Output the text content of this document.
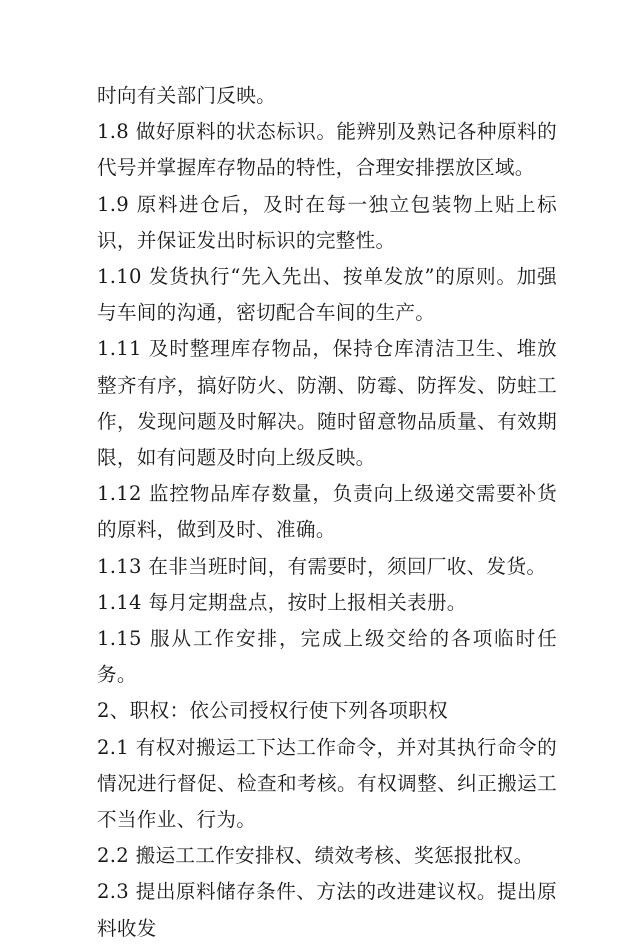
时向有关部门反映。

1.8 做好原料的状态标识。能辨别及熟记各种原料的代号并掌握库存物品的特性，合理安排摆放区域。

1.9 原料进仓后，及时在每一独立包装物上贴上标识，并保证发出时标识的完整性。

1.10 发货执行“先入先出、按单发放”的原则。加强与车间的沟通，密切配合车间的生产。

1.11 及时整理库存物品，保持仓库清洁卫生、堆放整齐有序，搞好防火、防潮、防霉、防挥发、防蛀工作，发现问题及时解决。随时留意物品质量、有效期限，如有问题及时向上级反映。

1.12 监控物品库存数量，负责向上级递交需要补货的原料，做到及时、准确。

1.13 在非当班时间，有需要时，须回厂收、发货。

1.14 每月定期盘点，按时上报相关表册。

1.15 服从工作安排，完成上级交给的各项临时任务。

2、职权：依公司授权行使下列各项职权

2.1 有权对搬运工下达工作命令，并对其执行命令的情况进行督促、检查和考核。有权调整、纠正搬运工不当作业、行为。

2.2 搬运工工作安排权、绩效考核、奖惩报批权。

2.3 提出原料储存条件、方法的改进建议权。提出原料收发
